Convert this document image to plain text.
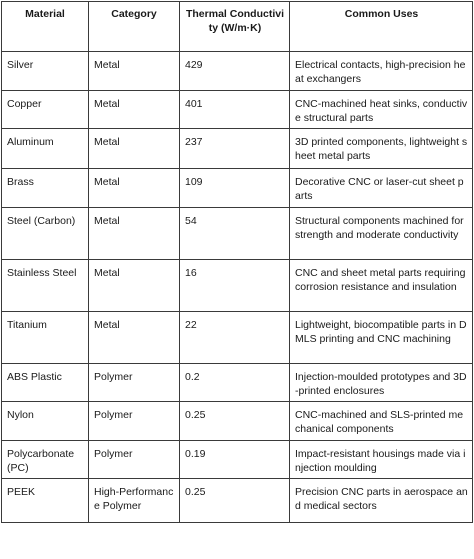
Material	Category	Thermal Conductivity (W/m·K)	Common Uses
Silver	Metal	429	Electrical contacts, high-precision heat exchangers
Copper	Metal	401	CNC-machined heat sinks, conductive structural parts
Aluminum	Metal	237	3D printed components, lightweight sheet metal parts
Brass	Metal	109	Decorative CNC or laser-cut sheet parts
Steel (Carbon)	Metal	54	Structural components machined for strength and moderate conductivity
Stainless Steel	Metal	16	CNC and sheet metal parts requiring corrosion resistance and insulation
Titanium	Metal	22	Lightweight, biocompatible parts in DMLS printing and CNC machining
ABS Plastic	Polymer	0.2	Injection-moulded prototypes and 3D-printed enclosures
Nylon	Polymer	0.25	CNC-machined and SLS-printed mechanical components
Polycarbonate (PC)	Polymer	0.19	Impact-resistant housings made via injection moulding
PEEK	High-Performance Polymer	0.25	Precision CNC parts in aerospace and medical sectors
